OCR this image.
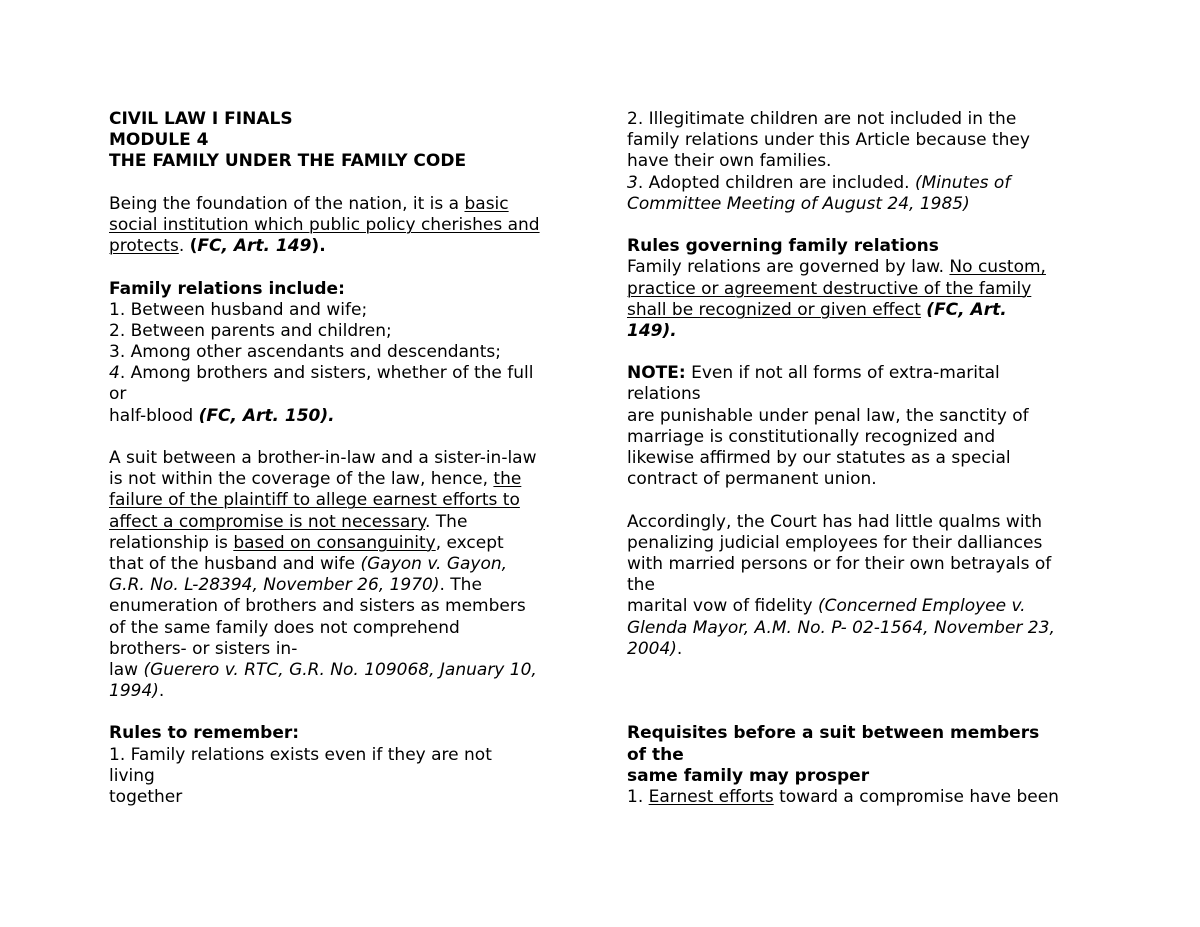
CIVIL LAW I FINALS
MODULE 4
THE FAMILY UNDER THE FAMILY CODE
Being the foundation of the nation, it is a basic
social institution which public policy cherishes and
protects. (FC, Art. 149).
Family relations include:
1. Between husband and wife;
2. Between parents and children;
3. Among other ascendants and descendants;
4. Among brothers and sisters, whether of the full
or
half-blood (FC, Art. 150).
A suit between a brother-in-law and a sister-in-law
is not within the coverage of the law, hence, the
failure of the plaintiff to allege earnest efforts to
affect a compromise is not necessary. The
relationship is based on consanguinity, except
that of the husband and wife (Gayon v. Gayon,
G.R. No. L-28394, November 26, 1970). The
enumeration of brothers and sisters as members
of the same family does not comprehend
brothers- or sisters in-
law (Guerero v. RTC, G.R. No. 109068, January 10,
1994).
Rules to remember:
1. Family relations exists even if they are not
living
together
2. Illegitimate children are not included in the
family relations under this Article because they
have their own families.
3. Adopted children are included. (Minutes of
Committee Meeting of August 24, 1985)
Rules governing family relations
Family relations are governed by law. No custom,
practice or agreement destructive of the family
shall be recognized or given effect (FC, Art.
149).
NOTE: Even if not all forms of extra-marital
relations
are punishable under penal law, the sanctity of
marriage is constitutionally recognized and
likewise affirmed by our statutes as a special
contract of permanent union.
Accordingly, the Court has had little qualms with
penalizing judicial employees for their dalliances
with married persons or for their own betrayals of
the
marital vow of fidelity (Concerned Employee v.
Glenda Mayor, A.M. No. P- 02-1564, November 23,
2004).
Requisites before a suit between members
of the
same family may prosper
1. Earnest efforts toward a compromise have been
